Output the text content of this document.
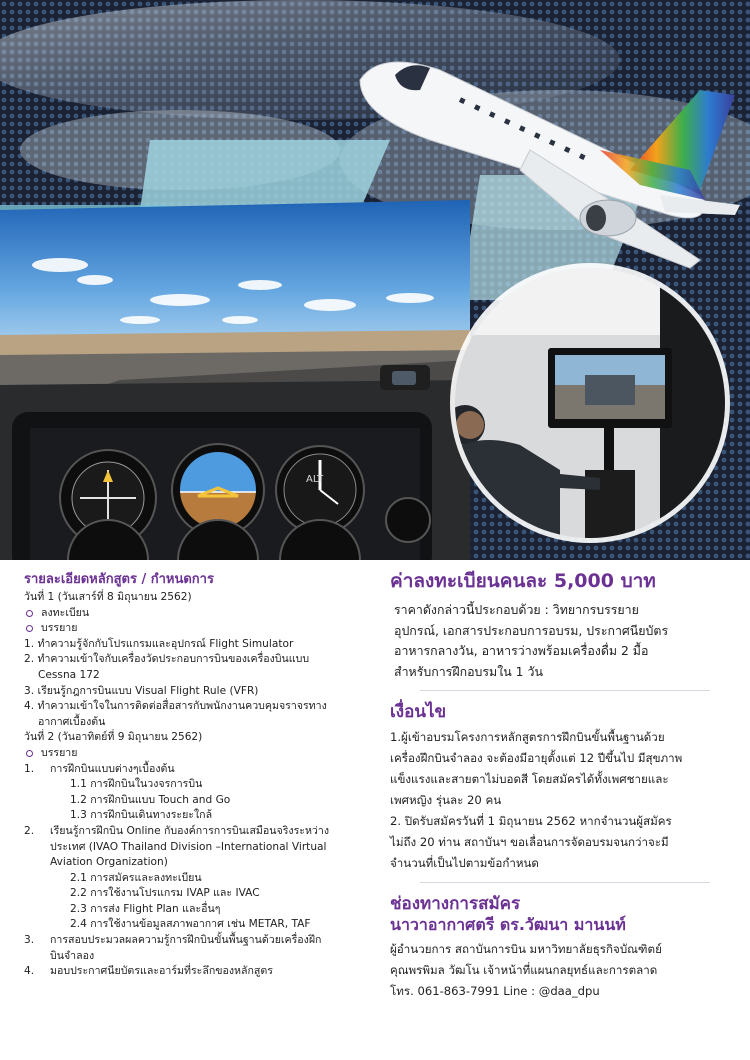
ALT
รายละเอียดหลักสูตร / กำหนดการ
วันที่ 1 (วันเสาร์ที่ 8 มิถุนายน 2562)
ลงทะเบียน
บรรยาย
1. ทำความรู้จักกับโปรแกรมและอุปกรณ์ Flight Simulator
2. ทำความเข้าใจกับเครื่องวัดประกอบการบินของเครื่องบินแบบ
Cessna 172
3. เรียนรู้กฎการบินแบบ Visual Flight Rule (VFR)
4. ทำความเข้าใจในการติดต่อสื่อสารกับพนักงานควบคุมจราจรทาง
อากาศเบื้องต้น
วันที่ 2 (วันอาทิตย์ที่ 9 มิถุนายน 2562)
บรรยาย
1. การฝึกบินแบบต่างๆเบื้องต้น
1.1 การฝึกบินในวงจรการบิน
1.2 การฝึกบินแบบ Touch and Go
1.3 การฝึกบินเดินทางระยะใกล้
2. เรียนรู้การฝึกบิน Online กับองค์การการบินเสมือนจริงระหว่าง
ประเทศ (IVAO Thailand Division –International Virtual
Aviation Organization)
2.1 การสมัครและลงทะเบียน
2.2 การใช้งานโปรแกรม IVAP และ IVAC
2.3 การส่ง Flight Plan และอื่นๆ
2.4 การใช้งานข้อมูลสภาพอากาศ เช่น METAR, TAF
3. การสอบประมวลผลความรู้การฝึกบินขั้นพื้นฐานด้วยเครื่องฝึก
บินจำลอง
4. มอบประกาศนียบัตรและอาร์มที่ระลึกของหลักสูตร
ค่าลงทะเบียนคนละ 5,000 บาท
ราคาดังกล่าวนี้ประกอบด้วย : วิทยากรบรรยาย
อุปกรณ์, เอกสารประกอบการอบรม, ประกาศนียบัตร
อาหารกลางวัน, อาหารว่างพร้อมเครื่องดื่ม 2 มื้อ
สำหรับการฝึกอบรมใน 1 วัน
เงื่อนไข
1.ผู้เข้าอบรมโครงการหลักสูตรการฝึกบินขั้นพื้นฐานด้วย
เครื่องฝึกบินจำลอง จะต้องมีอายุตั้งแต่ 12 ปีขึ้นไป มีสุขภาพ
แข็งแรงและสายตาไม่บอดสี โดยสมัครได้ทั้งเพศชายและ
เพศหญิง รุ่นละ 20 คน
2. ปิดรับสมัครวันที่ 1 มิถุนายน 2562 หากจำนวนผู้สมัคร
ไม่ถึง 20 ท่าน สถาบันฯ ขอเลื่อนการจัดอบรมจนกว่าจะมี
จำนวนที่เป็นไปตามข้อกำหนด
ช่องทางการสมัคร
นาวาอากาศตรี ดร.วัฒนา มานนท์
ผู้อำนวยการ สถาบันการบิน มหาวิทยาลัยธุรกิจบัณฑิตย์
คุณพรพิมล วัฒโน เจ้าหน้าที่แผนกลยุทธ์และการตลาด
โทร. 061-863-7991 Line : @daa_dpu
